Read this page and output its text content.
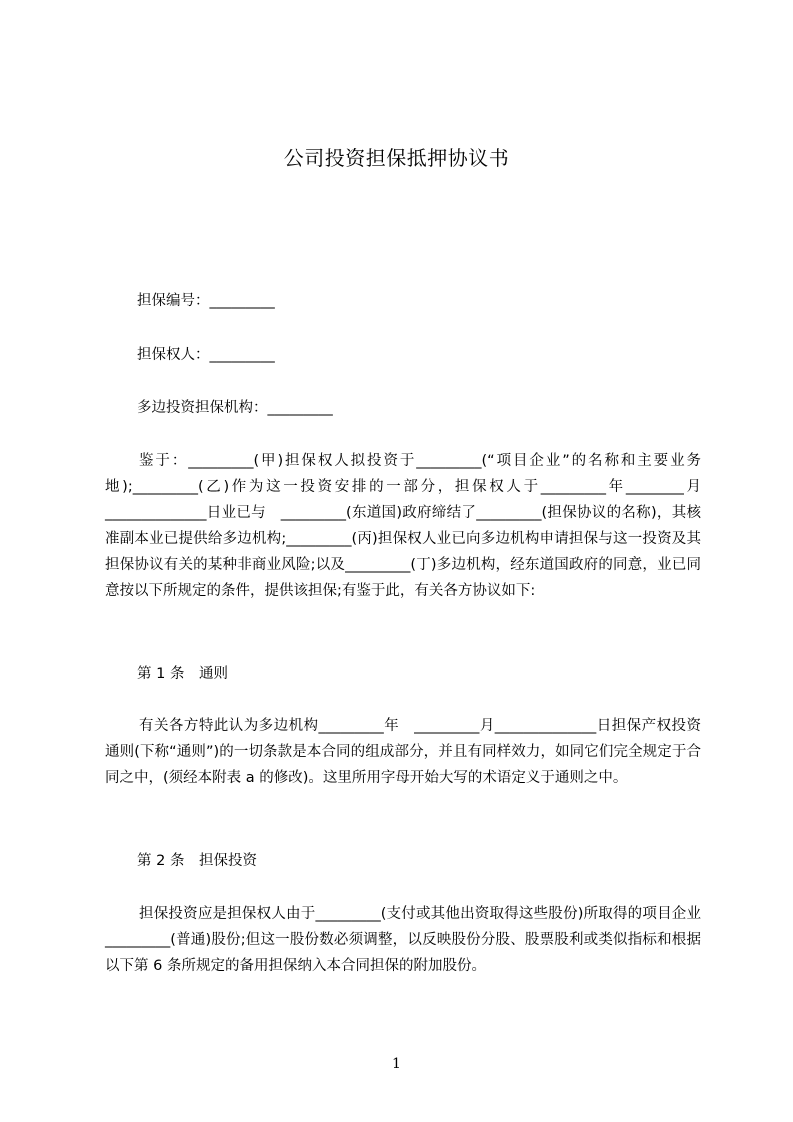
公司投资担保抵押协议书
担保编号：_________
担保权人：_________
多边投资担保机构：_________

鉴于：_________(甲)担保权人拟投资于_________(“项目企业”的名称和主要业务地);_________(乙)作为这一投资安排的一部分，担保权人于_________年________月______________日业已与　_________(东道国)政府缔结了_________(担保协议的名称)，其核准副本业已提供给多边机构;_________(丙)担保权人业已向多边机构申请担保与这一投资及其担保协议有关的某种非商业风险;以及_________(丁)多边机构，经东道国政府的同意，业已同意按以下所规定的条件，提供该担保;有鉴于此，有关各方协议如下:

第 1 条　通则

有关各方特此认为多边机构_________年　_________月______________日担保产权投资通则(下称“通则”)的一切条款是本合同的组成部分，并且有同样效力，如同它们完全规定于合同之中，(须经本附表 a 的修改)。这里所用字母开始大写的术语定义于通则之中。

第 2 条　担保投资

担保投资应是担保权人由于_________(支付或其他出资取得这些股份)所取得的项目企业_________(普通)股份;但这一股份数必须调整，以反映股份分股、股票股利或类似指标和根据以下第 6 条所规定的备用担保纳入本合同担保的附加股份。

1
